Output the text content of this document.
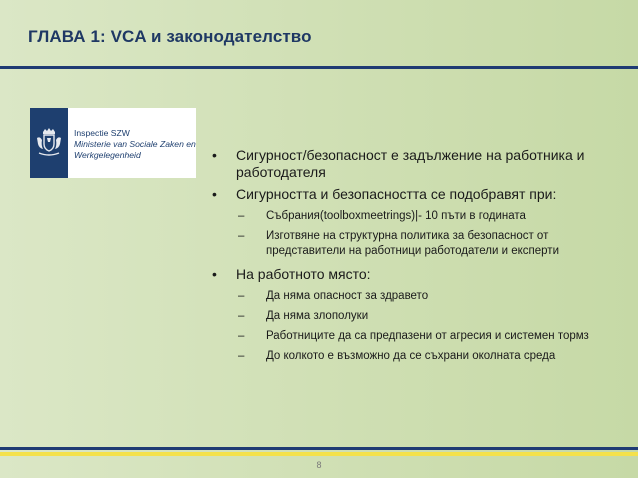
ГЛАВА 1: VCA и законодателство
Inspectie SZW
Ministerie van Sociale Zaken en
Werkgelegenheid	• Сигурност/безопасност е задължение на работника и работодателя
• Сигурността и безопасността се подобравят при:
– Събрания(toolboxmeetrings)|- 10 пъти в годината
– Изготвяне на структурна политика за безопасност от представители на работници работодатели и експерти
• На работното място:
– Да няма опасност за здравето
– Да няма злополуки
– Работниците да са предпазени от агресия и системен тормз
– До колкото е възможно да се съхрани околната среда
8
